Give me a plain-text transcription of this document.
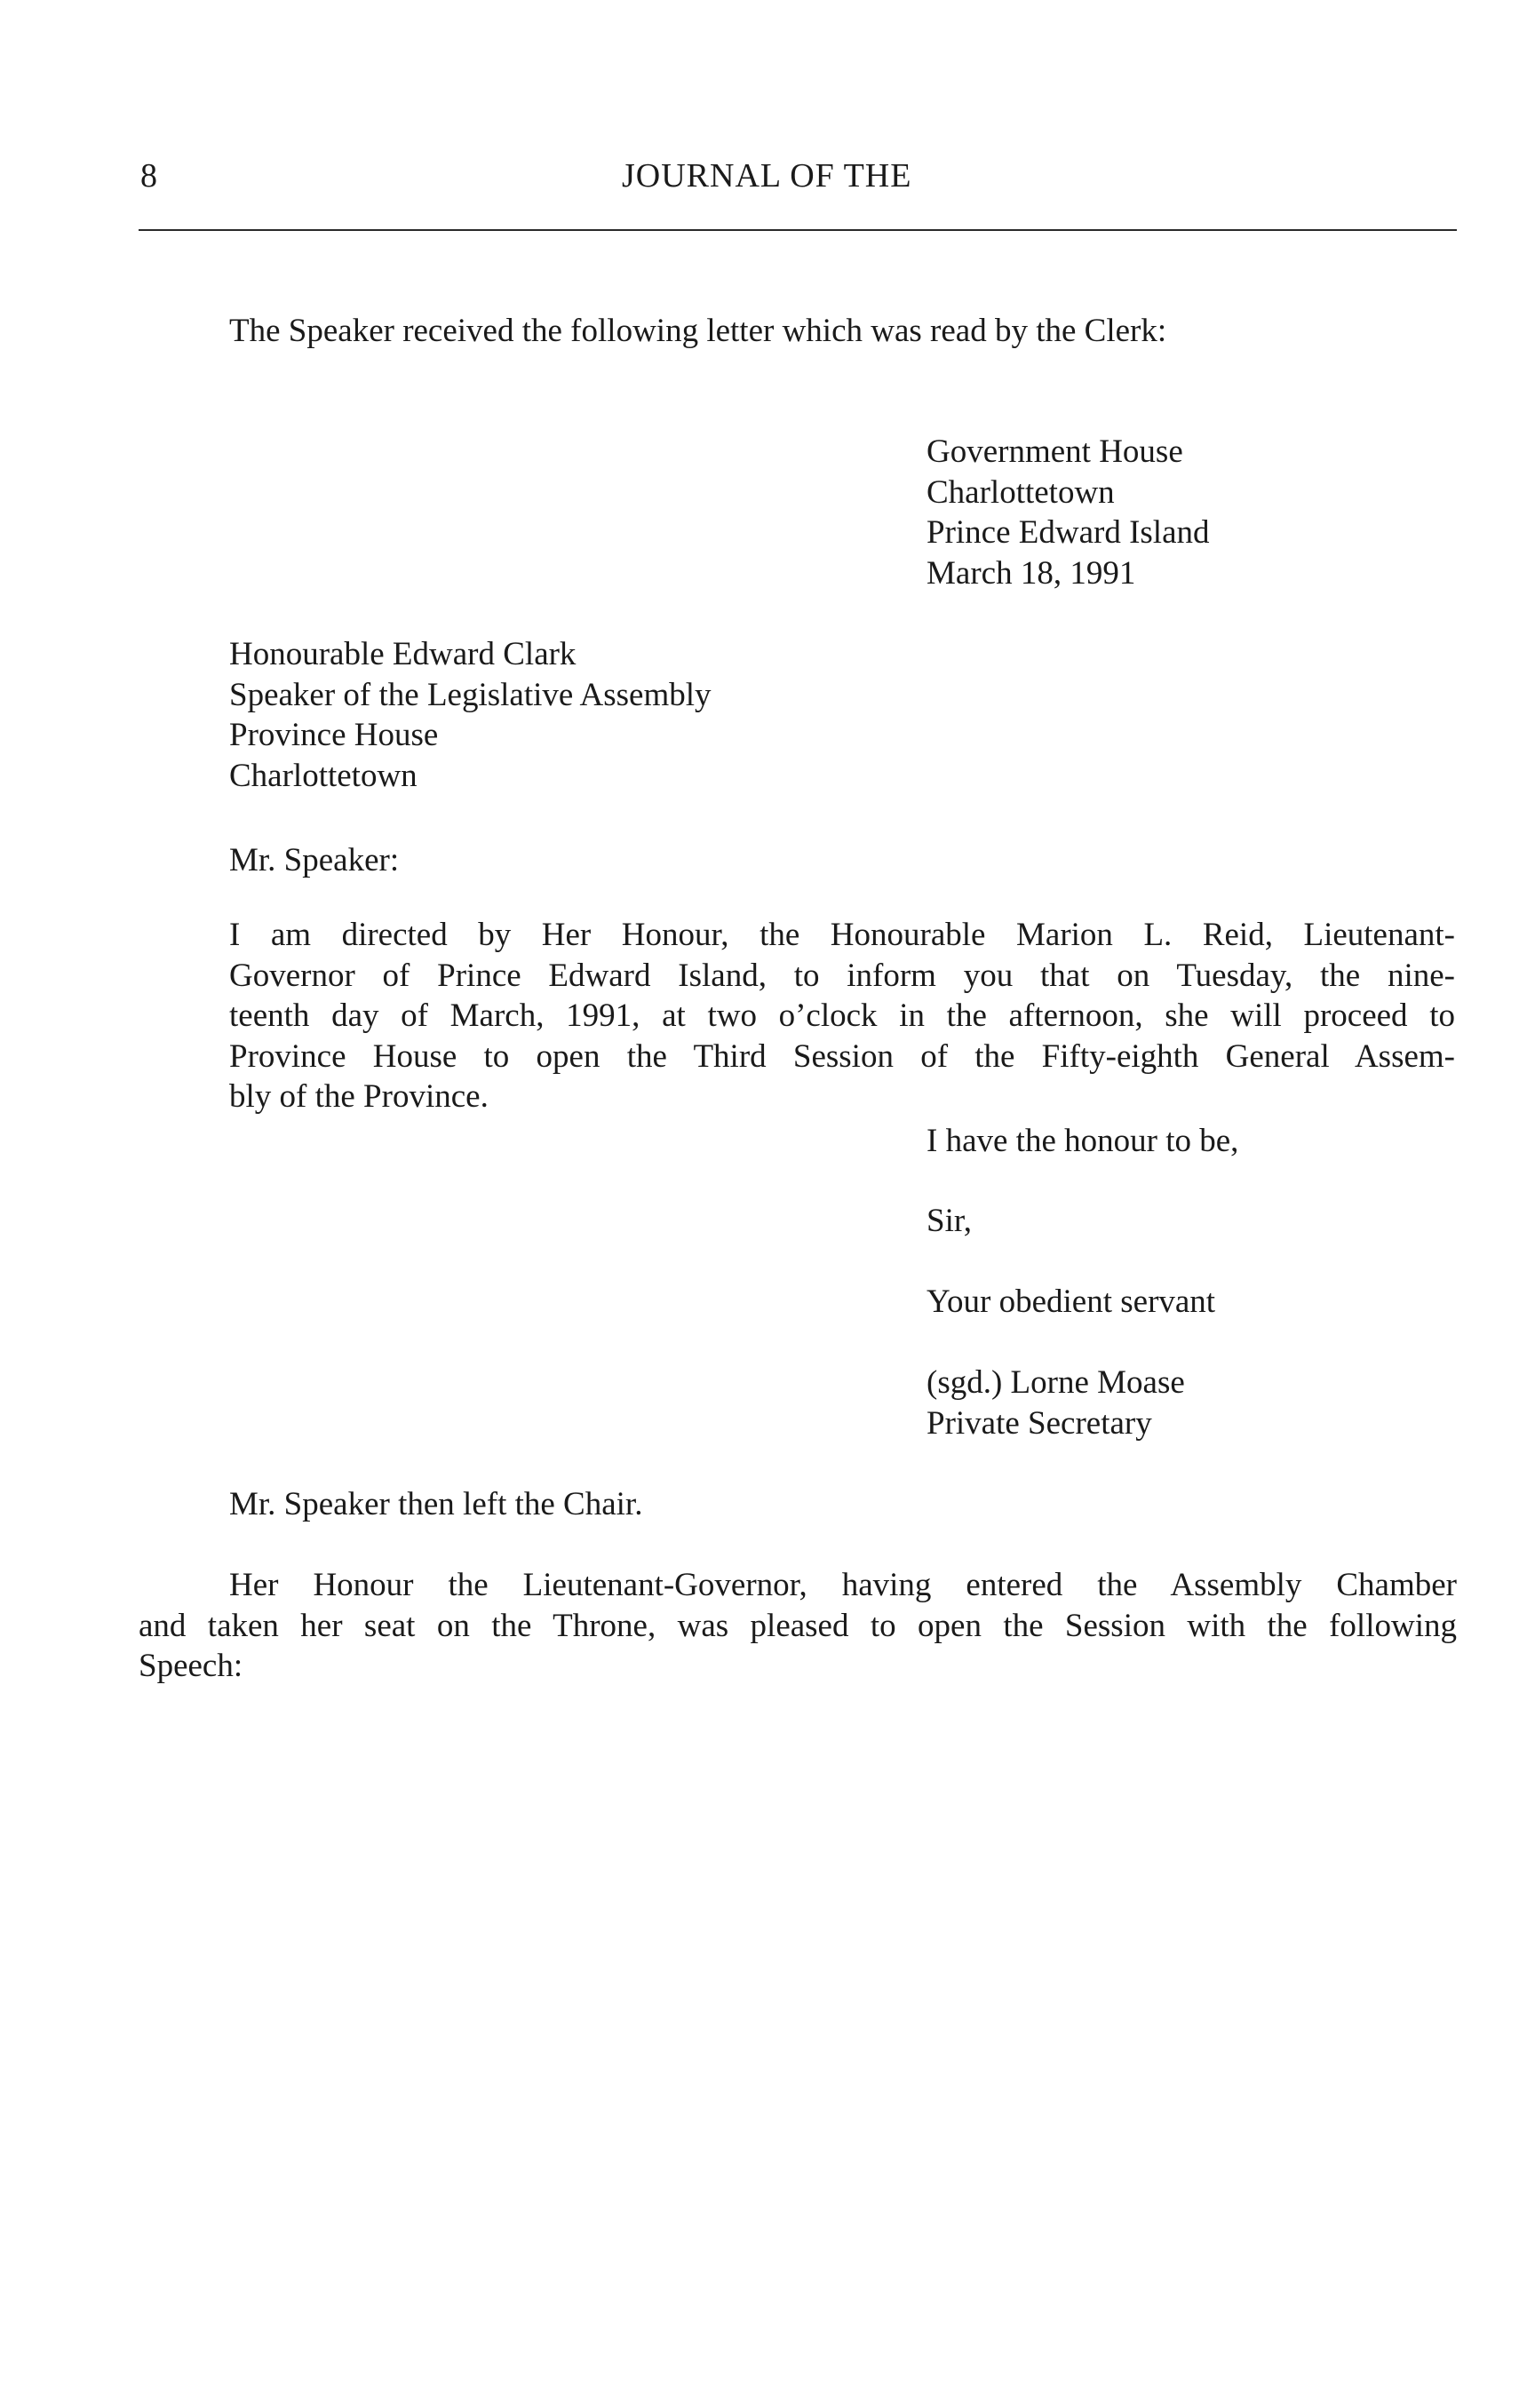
8	JOURNAL OF THE
The Speaker received the following letter which was read by the Clerk:
Government House
Charlottetown
Prince Edward Island
March 18, 1991
Honourable Edward Clark
Speaker of the Legislative Assembly
Province House
Charlottetown
Mr. Speaker:
I am directed by Her Honour, the Honourable Marion L. Reid, Lieutenant-
Governor of Prince Edward Island, to inform you that on Tuesday, the nine-
teenth day of March, 1991, at two o’clock in the afternoon, she will proceed to
Province House to open the Third Session of the Fifty-eighth General Assem-
bly of the Province.
I have the honour to be,
Sir,
Your obedient servant
(sgd.) Lorne Moase
Private Secretary
Mr. Speaker then left the Chair.
Her Honour the Lieutenant-Governor, having entered the Assembly Chamber
and taken her seat on the Throne, was pleased to open the Session with the following
Speech:
